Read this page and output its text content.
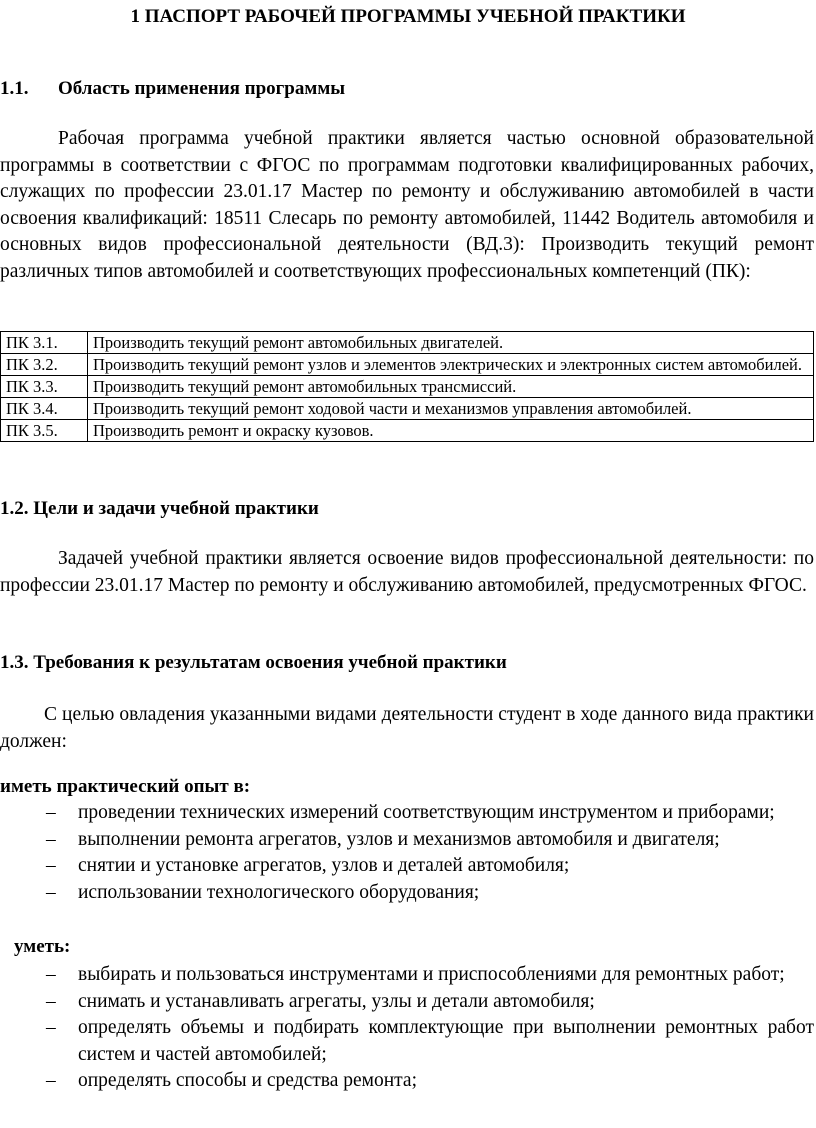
1 ПАСПОРТ РАБОЧЕЙ ПРОГРАММЫ УЧЕБНОЙ ПРАКТИКИ
1.1. Область применения программы

Рабочая программа учебной практики является частью основной образовательной программы в соответствии с ФГОС по программам подготовки квалифицированных рабочих, служащих по профессии 23.01.17 Мастер по ремонту и обслуживанию автомобилей в части освоения квалификаций: 18511 Слесарь по ремонту автомобилей, 11442 Водитель автомобиля и основных видов профессиональной деятельности (ВД.3): Производить текущий ремонт различных типов автомобилей и соответствующих профессиональных компетенций (ПК):

ПК 3.1.	Производить текущий ремонт автомобильных двигателей.
ПК 3.2.	Производить текущий ремонт узлов и элементов электрических и электронных систем автомобилей.
ПК 3.3.	Производить текущий ремонт автомобильных трансмиссий.
ПК 3.4.	Производить текущий ремонт ходовой части и механизмов управления автомобилей.
ПК 3.5.	Производить ремонт и окраску кузовов.
1.2. Цели и задачи учебной практики

Задачей учебной практики является освоение видов профессиональной деятельности: по профессии 23.01.17 Мастер по ремонту и обслуживанию автомобилей, предусмотренных ФГОС.

1.3. Требования к результатам освоения учебной практики

С целью овладения указанными видами деятельности студент в ходе данного вида практики должен:

иметь практический опыт в:

– проведении технических измерений соответствующим инструментом и приборами;
– выполнении ремонта агрегатов, узлов и механизмов автомобиля и двигателя;
– снятии и установке агрегатов, узлов и деталей автомобиля;
– использовании технологического оборудования;

уметь:

– выбирать и пользоваться инструментами и приспособлениями для ремонтных работ;
– снимать и устанавливать агрегаты, узлы и детали автомобиля;
– определять объемы и подбирать комплектующие при выполнении ремонтных работ систем и частей автомобилей;
– определять способы и средства ремонта;
